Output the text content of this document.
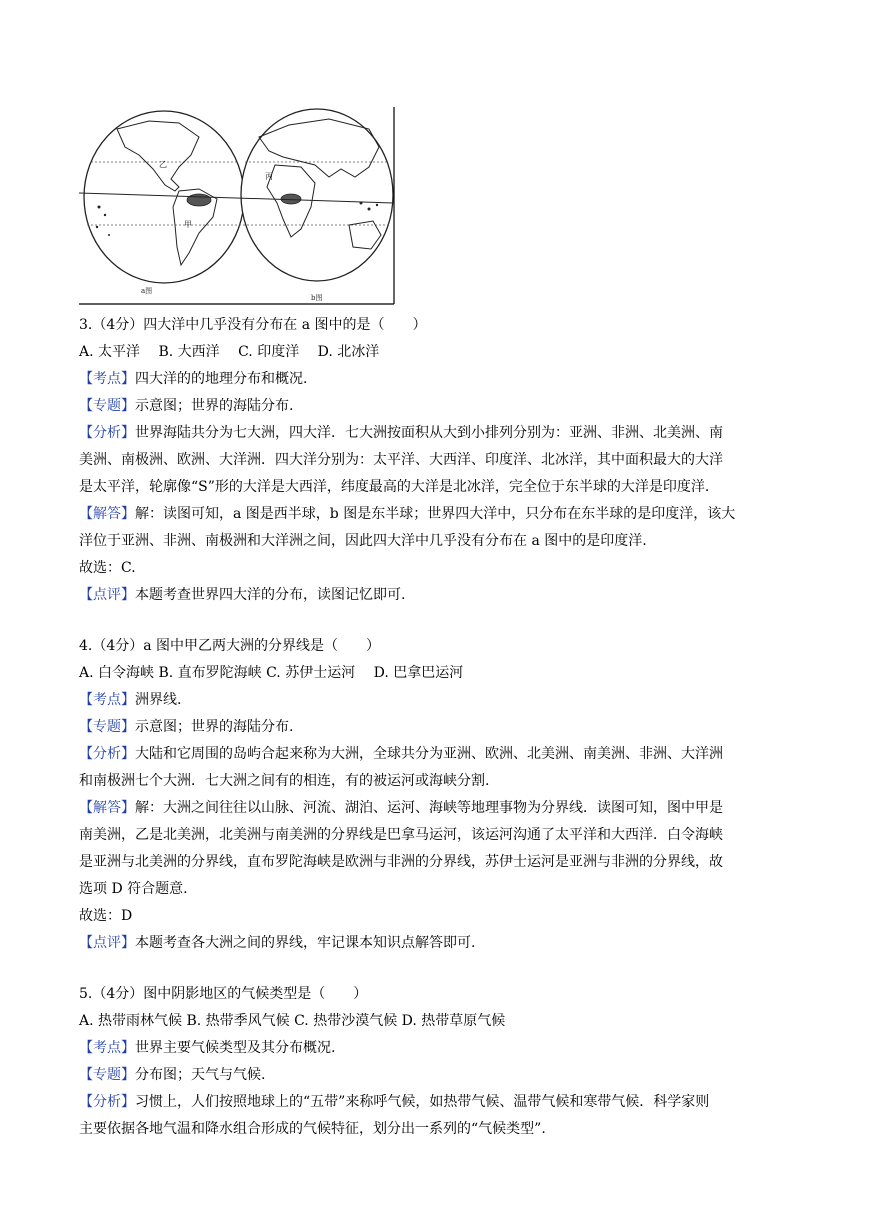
甲
乙
a图
丙
b图
3.（4分）四大洋中几乎没有分布在 a 图中的是（　　）
A. 太平洋　 B. 大西洋　 C. 印度洋　 D. 北冰洋
【考点】四大洋的的地理分布和概况.
【专题】示意图；世界的海陆分布.
【分析】世界海陆共分为七大洲，四大洋．七大洲按面积从大到小排列分别为：亚洲、非洲、北美洲、南
美洲、南极洲、欧洲、大洋洲．四大洋分别为：太平洋、大西洋、印度洋、北冰洋，其中面积最大的大洋
是太平洋，轮廓像“S”形的大洋是大西洋，纬度最高的大洋是北冰洋，完全位于东半球的大洋是印度洋.
【解答】解：读图可知，a 图是西半球，b 图是东半球；世界四大洋中，只分布在东半球的是印度洋，该大
洋位于亚洲、非洲、南极洲和大洋洲之间，因此四大洋中几乎没有分布在 a 图中的是印度洋.
故选：C.
【点评】本题考查世界四大洋的分布，读图记忆即可.
4.（4分）a 图中甲乙两大洲的分界线是（　　）
A. 白令海峡 B. 直布罗陀海峡 C. 苏伊士运河　 D. 巴拿巴运河
【考点】洲界线.
【专题】示意图；世界的海陆分布.
【分析】大陆和它周围的岛屿合起来称为大洲，全球共分为亚洲、欧洲、北美洲、南美洲、非洲、大洋洲
和南极洲七个大洲．七大洲之间有的相连，有的被运河或海峡分割.
【解答】解：大洲之间往往以山脉、河流、湖泊、运河、海峡等地理事物为分界线．读图可知，图中甲是
南美洲，乙是北美洲，北美洲与南美洲的分界线是巴拿马运河，该运河沟通了太平洋和大西洋．白令海峡
是亚洲与北美洲的分界线，直布罗陀海峡是欧洲与非洲的分界线，苏伊士运河是亚洲与非洲的分界线，故
选项 D 符合题意.
故选：D
【点评】本题考查各大洲之间的界线，牢记课本知识点解答即可.
5.（4分）图中阴影地区的气候类型是（　　）
A. 热带雨林气候 B. 热带季风气候 C. 热带沙漠气候 D. 热带草原气候
【考点】世界主要气候类型及其分布概况.
【专题】分布图；天气与气候.
【分析】习惯上，人们按照地球上的“五带”来称呼气候，如热带气候、温带气候和寒带气候．科学家则
主要依据各地气温和降水组合形成的气候特征，划分出一系列的“气候类型”.
